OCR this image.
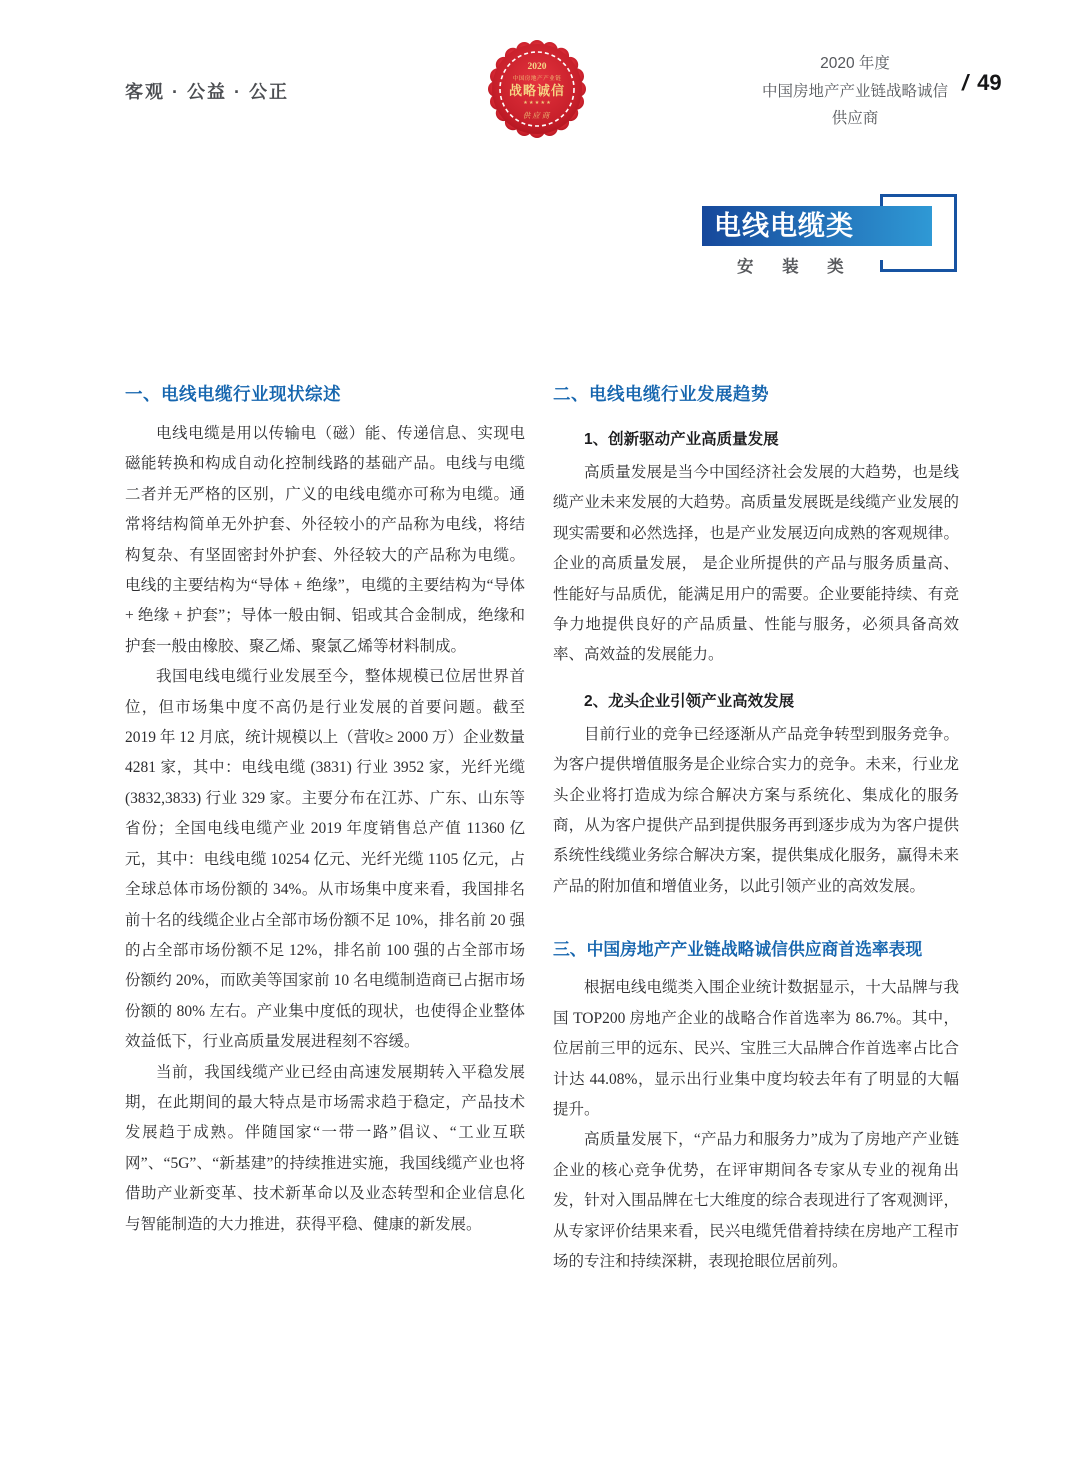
客观 · 公益 · 公正
2020
中国房地产产业链
战略诚信
★ ★ ★ ★ ★
供应商
2020 年度
中国房地产产业链战略诚信
供应商
/ 49
电线电缆类
安 装 类
一、电线电缆行业现状综述

电线电缆是用以传输电（磁）能、传递信息、实现电磁能转换和构成自动化控制线路的基础产品。电线与电缆二者并无严格的区别，广义的电线电缆亦可称为电缆。通常将结构简单无外护套、外径较小的产品称为电线，将结构复杂、有坚固密封外护套、外径较大的产品称为电缆。电线的主要结构为“导体 + 绝缘”，电缆的主要结构为“导体 + 绝缘 + 护套”；导体一般由铜、铝或其合金制成，绝缘和护套一般由橡胶、聚乙烯、聚氯乙烯等材料制成。

我国电线电缆行业发展至今，整体规模已位居世界首位，但市场集中度不高仍是行业发展的首要问题。截至 2019 年 12 月底，统计规模以上（营收≥ 2000 万）企业数量 4281 家，其中：电线电缆 (3831) 行业 3952 家，光纤光缆 (3832,3833) 行业 329 家。主要分布在江苏、广东、山东等省份；全国电线电缆产业 2019 年度销售总产值 11360 亿元，其中：电线电缆 10254 亿元、光纤光缆 1105 亿元，占全球总体市场份额的 34%。从市场集中度来看，我国排名前十名的线缆企业占全部市场份额不足 10%，排名前 20 强的占全部市场份额不足 12%，排名前 100 强的占全部市场份额约 20%，而欧美等国家前 10 名电缆制造商已占据市场份额的 80% 左右。产业集中度低的现状，也使得企业整体效益低下，行业高质量发展进程刻不容缓。

当前，我国线缆产业已经由高速发展期转入平稳发展期，在此期间的最大特点是市场需求趋于稳定，产品技术发展趋于成熟。伴随国家“一带一路”倡议、“工业互联网”、“5G”、“新基建”的持续推进实施，我国线缆产业也将借助产业新变革、技术新革命以及业态转型和企业信息化与智能制造的大力推进，获得平稳、健康的新发展。

二、电线电缆行业发展趋势
1、创新驱动产业高质量发展

高质量发展是当今中国经济社会发展的大趋势，也是线缆产业未来发展的大趋势。高质量发展既是线缆产业发展的现实需要和必然选择，也是产业发展迈向成熟的客观规律。企业的高质量发展， 是企业所提供的产品与服务质量高、性能好与品质优，能满足用户的需要。企业要能持续、有竞争力地提供良好的产品质量、性能与服务，必须具备高效率、高效益的发展能力。

2、龙头企业引领产业高效发展

目前行业的竞争已经逐渐从产品竞争转型到服务竞争。为客户提供增值服务是企业综合实力的竞争。未来，行业龙头企业将打造成为综合解决方案与系统化、集成化的服务商，从为客户提供产品到提供服务再到逐步成为为客户提供系统性线缆业务综合解决方案，提供集成化服务，赢得未来产品的附加值和增值业务，以此引领产业的高效发展。

三、中国房地产产业链战略诚信供应商首选率表现

根据电线电缆类入围企业统计数据显示，十大品牌与我国 TOP200 房地产企业的战略合作首选率为 86.7%。其中，位居前三甲的远东、民兴、宝胜三大品牌合作首选率占比合计达 44.08%，显示出行业集中度均较去年有了明显的大幅提升。

高质量发展下，“产品力和服务力”成为了房地产产业链企业的核心竞争优势，在评审期间各专家从专业的视角出发，针对入围品牌在七大维度的综合表现进行了客观测评，从专家评价结果来看，民兴电缆凭借着持续在房地产工程市场的专注和持续深耕，表现抢眼位居前列。
